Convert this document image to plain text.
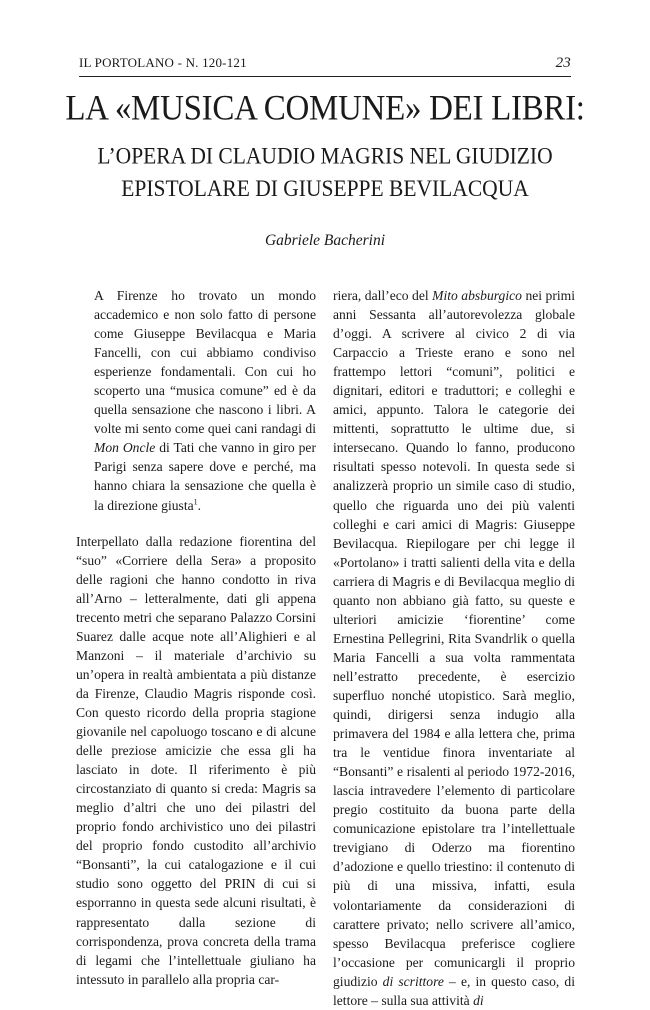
IL PORTOLANO - N. 120-121	23
LA «MUSICA COMUNE» DEI LIBRI:
L’OPERA DI CLAUDIO MAGRIS NEL GIUDIZIO
EPISTOLARE DI GIUSEPPE BEVILACQUA
Gabriele Bacherini

A Firenze ho trovato un mondo accademico e non solo fatto di persone come Giuseppe Bevilacqua e Maria Fancelli, con cui abbiamo condiviso esperienze fondamentali. Con cui ho scoperto una “musica comune” ed è da quella sensazione che nascono i libri. A volte mi sento come quei cani randagi di Mon Oncle di Tati che vanno in giro per Parigi senza sapere dove e perché, ma hanno chiara la sensazione che quella è la direzione giusta$^1$.

Interpellato dalla redazione fiorentina del “suo” «Corriere della Sera» a proposito delle ragioni che hanno condotto in riva all’Arno – letteralmente, dati gli appena trecento metri che separano Palazzo Corsini Suarez dalle acque note all’Alighieri e al Manzoni – il materiale d’archivio su un’opera in realtà ambientata a più distanze da Firenze, Claudio Magris risponde così. Con questo ricordo della propria stagione giovanile nel capoluogo toscano e di alcune delle preziose amicizie che essa gli ha lasciato in dote. Il riferimento è più circostanziato di quanto si creda: Magris sa meglio d’altri che uno dei pilastri del proprio fondo archivistico uno dei pilastri del proprio fondo custodito all’archivio “Bonsanti”, la cui catalogazione e il cui studio sono oggetto del PRIN di cui si esporranno in questa sede alcuni risultati, è rappresentato dalla sezione di corrispondenza, prova concreta della trama di legami che l’intellettuale giuliano ha intessuto in parallelo alla propria car-

riera, dall’eco del Mito absburgico nei primi anni Sessanta all’autorevolezza globale d’oggi. A scrivere al civico 2 di via Carpaccio a Trieste erano e sono nel frattempo lettori “comuni”, politici e dignitari, editori e traduttori; e colleghi e amici, appunto. Talora le categorie dei mittenti, soprattutto le ultime due, si intersecano. Quando lo fanno, producono risultati spesso notevoli. In questa sede si analizzerà proprio un simile caso di studio, quello che riguarda uno dei più valenti colleghi e cari amici di Magris: Giuseppe Bevilacqua. Riepilogare per chi legge il «Portolano» i tratti salienti della vita e della carriera di Magris e di Bevilacqua meglio di quanto non abbiano già fatto, su queste e ulteriori amicizie ‘fiorentine’ come Ernestina Pellegrini, Rita Svandrlik o quella Maria Fancelli a sua volta rammentata nell’estratto precedente, è esercizio superfluo nonché utopistico. Sarà meglio, quindi, dirigersi senza indugio alla primavera del 1984 e alla lettera che, prima tra le ventidue finora inventariate al “Bonsanti” e risalenti al periodo 1972-2016, lascia intravedere l’elemento di particolare pregio costituito da buona parte della comunicazione epistolare tra l’intellettuale trevigiano di Oderzo ma fiorentino d’adozione e quello triestino: il contenuto di più di una missiva, infatti, esula volontariamente da considerazioni di carattere privato; nello scrivere all’amico, spesso Bevilacqua preferisce cogliere l’occasione per comunicargli il proprio giudizio di scrittore – e, in questo caso, di lettore – sulla sua attività di
